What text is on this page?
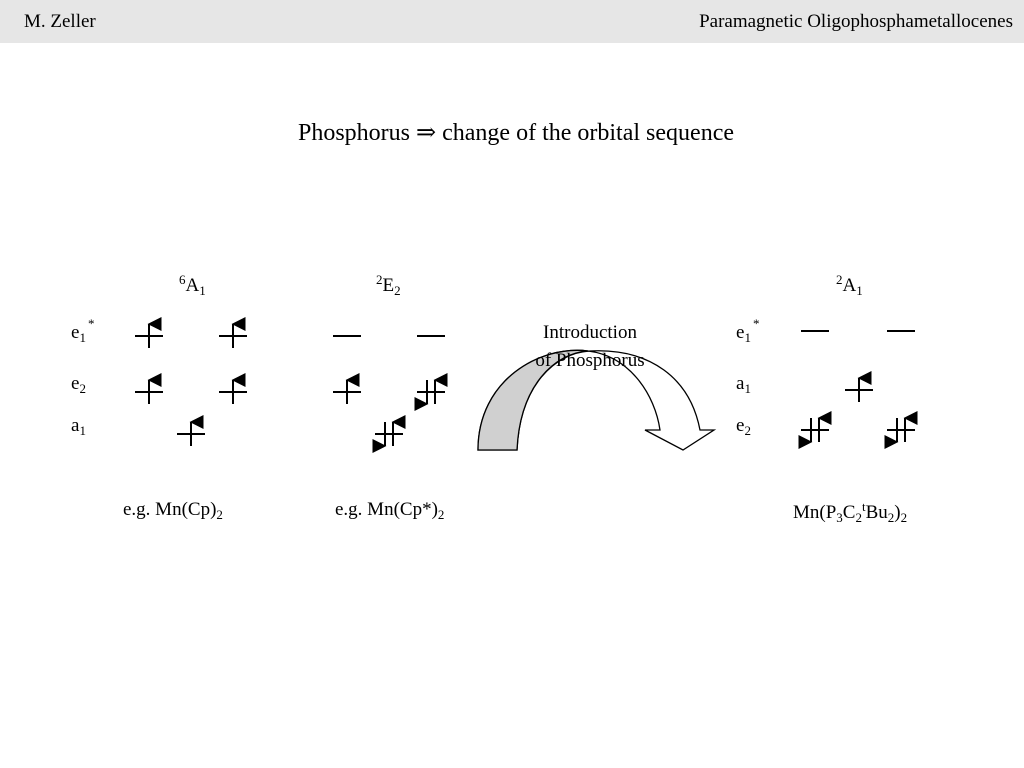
M. Zeller	Paramagnetic Oligophosphametallocenes
Phosphorus ⇒ change of the orbital sequence
$^6A_1$
$^2E_2$
$^2A_1$
$e_1^*$
$e_2$
$a_1$
$e_1^*$
$a_1$
$e_2$
Introduction
of Phosphorus
e.g. $Mn(Cp)_2$	e.g. $Mn(Cp*)_2$	$Mn(P_3C_2^tBu_2)_2$
